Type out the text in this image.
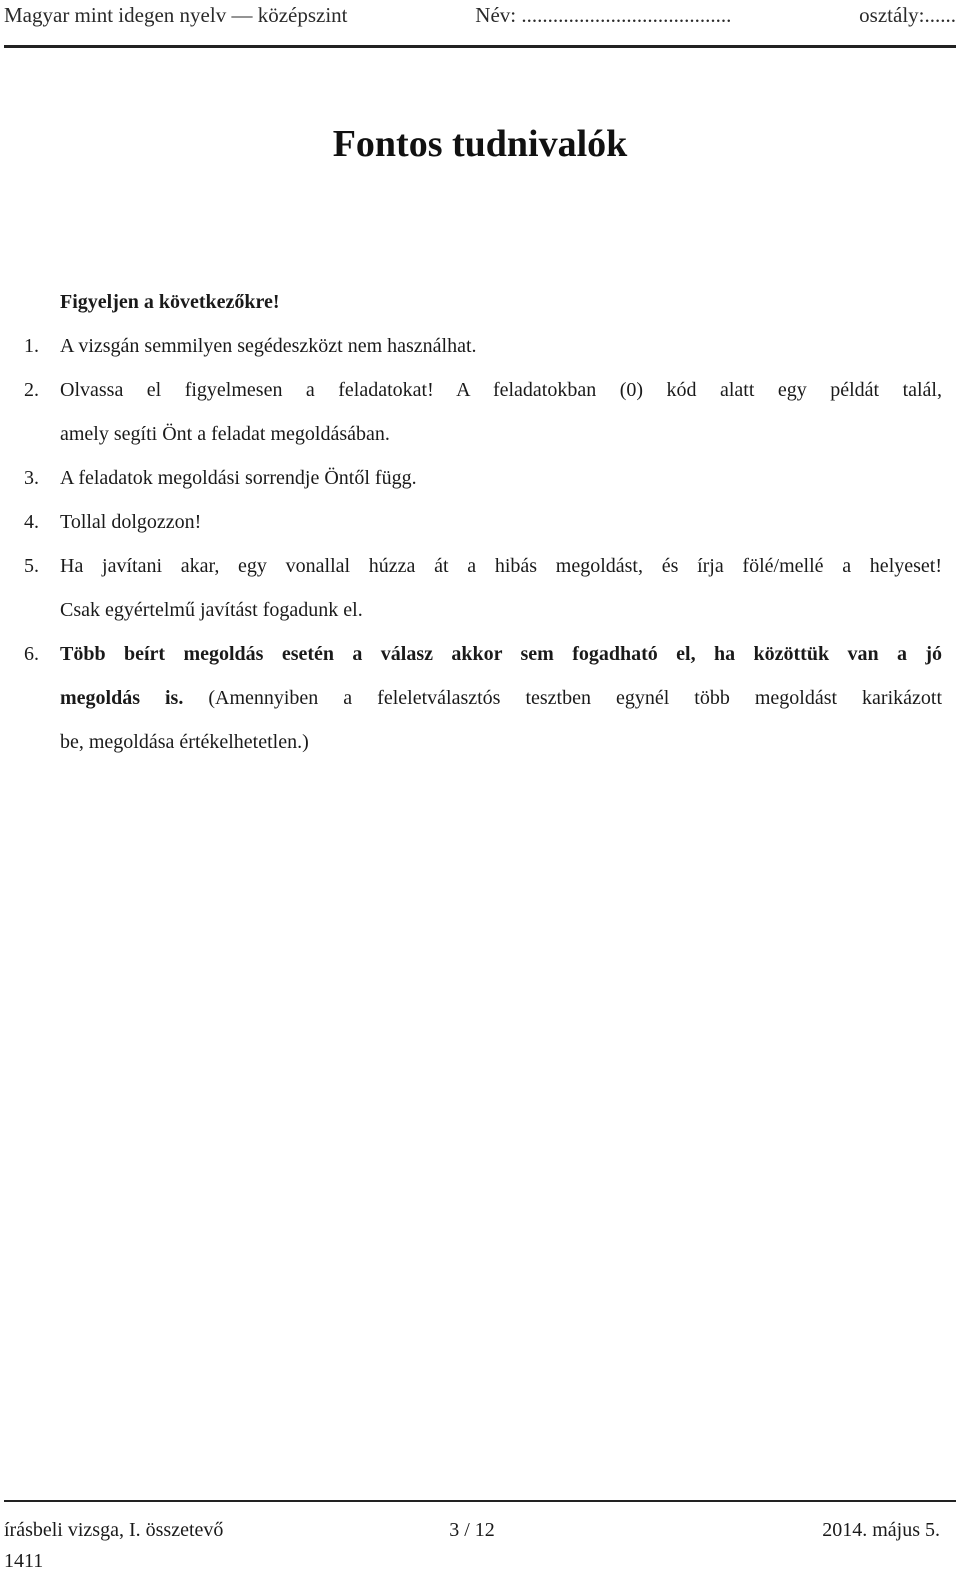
Magyar mint idegen nyelv — középszint	Név: ........................................	osztály:......
Fontos tudnivalók
Figyeljen a következőkre!
1. A vizsgán semmilyen segédeszközt nem használhat.
2. Olvassa el figyelmesen a feladatokat! A feladatokban (0) kód alatt egy példát talál,
amely segíti Önt a feladat megoldásában.
3. A feladatok megoldási sorrendje Öntől függ.
4. Tollal dolgozzon!
5. Ha javítani akar, egy vonallal húzza át a hibás megoldást, és írja fölé/mellé a helyeset!
Csak egyértelmű javítást fogadunk el.
6. Több beírt megoldás esetén a válasz akkor sem fogadható el, ha közöttük van a jó
megoldás is. (Amennyiben a feleletválasztós tesztben egynél több megoldást karikázott
be, megoldása értékelhetetlen.)
írásbeli vizsga, I. összetevő	3 / 12	2014. május 5.
1411
